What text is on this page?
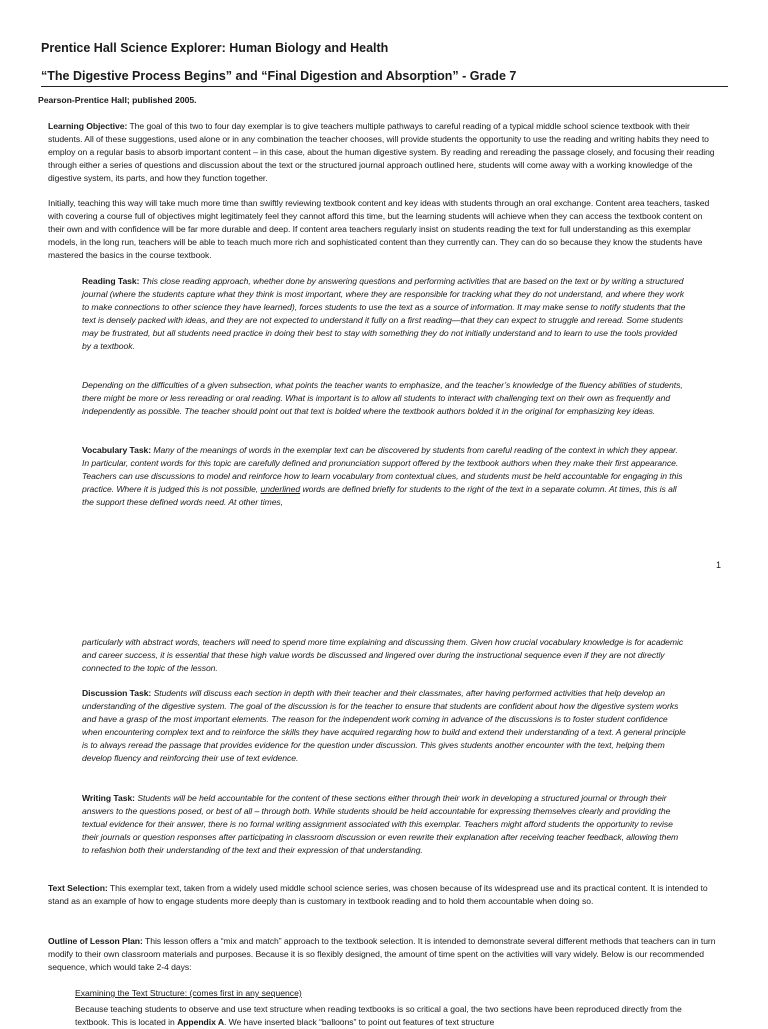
Prentice Hall Science Explorer: Human Biology and Health
“The Digestive Process Begins” and “Final Digestion and Absorption” - Grade 7
Pearson-Prentice Hall; published 2005.

Learning Objective: The goal of this two to four day exemplar is to give teachers multiple pathways to careful reading of a typical middle school science textbook with their students. All of these suggestions, used alone or in any combination the teacher chooses, will provide students the opportunity to use the reading and writing habits they need to employ on a regular basis to absorb important content – in this case, about the human digestive system. By reading and rereading the passage closely, and focusing their reading through either a series of questions and discussion about the text or the structured journal approach outlined here, students will come away with a working knowledge of the digestive system, its parts, and how they function together.

Initially, teaching this way will take much more time than swiftly reviewing textbook content and key ideas with students through an oral exchange. Content area teachers, tasked with covering a course full of objectives might legitimately feel they cannot afford this time, but the learning students will achieve when they can access the textbook content on their own and with confidence will be far more durable and deep. If content area teachers regularly insist on students reading the text for full understanding as this exemplar models, in the long run, teachers will be able to teach much more rich and sophisticated content than they currently can. They can do so because they know the students have mastered the basics in the course textbook.

Reading Task: This close reading approach, whether done by answering questions and performing activities that are based on the text or by writing a structured journal (where the students capture what they think is most important, where they are responsible for tracking what they do not understand, and where they work to make connections to other science they have learned), forces students to use the text as a source of information. It may make sense to notify students that the text is densely packed with ideas, and they are not expected to understand it fully on a first reading—that they can expect to struggle and reread. Some students may be frustrated, but all students need practice in doing their best to stay with something they do not initially understand and to learn to use the tools provided by a textbook.

Depending on the difficulties of a given subsection, what points the teacher wants to emphasize, and the teacher’s knowledge of the fluency abilities of students, there might be more or less rereading or oral reading. What is important is to allow all students to interact with challenging text on their own as frequently and independently as possible. The teacher should point out that text is bolded where the textbook authors bolded it in the original for emphasizing key ideas.

Vocabulary Task: Many of the meanings of words in the exemplar text can be discovered by students from careful reading of the context in which they appear. In particular, content words for this topic are carefully defined and pronunciation support offered by the textbook authors when they make their first appearance. Teachers can use discussions to model and reinforce how to learn vocabulary from contextual clues, and students must be held accountable for engaging in this practice. Where it is judged this is not possible, underlined words are defined briefly for students to the right of the text in a separate column. At times, this is all the support these defined words need. At other times,

1

particularly with abstract words, teachers will need to spend more time explaining and discussing them. Given how crucial vocabulary knowledge is for academic and career success, it is essential that these high value words be discussed and lingered over during the instructional sequence even if they are not directly connected to the topic of the lesson.

Discussion Task: Students will discuss each section in depth with their teacher and their classmates, after having performed activities that help develop an understanding of the digestive system. The goal of the discussion is for the teacher to ensure that students are confident about how the digestive system works and have a grasp of the most important elements. The reason for the independent work coming in advance of the discussions is to foster student confidence when encountering complex text and to reinforce the skills they have acquired regarding how to build and extend their understanding of a text. A general principle is to always reread the passage that provides evidence for the question under discussion. This gives students another encounter with the text, helping them develop fluency and reinforcing their use of text evidence.

Writing Task: Students will be held accountable for the content of these sections either through their work in developing a structured journal or through their answers to the questions posed, or best of all – through both. While students should be held accountable for expressing themselves clearly and providing the textual evidence for their answer, there is no formal writing assignment associated with this exemplar. Teachers might afford students the opportunity to revise their journals or question responses after participating in classroom discussion or even rewrite their explanation after receiving teacher feedback, allowing them to refashion both their understanding of the text and their expression of that understanding.

Text Selection: This exemplar text, taken from a widely used middle school science series, was chosen because of its widespread use and its practical content. It is intended to stand as an example of how to engage students more deeply than is customary in textbook reading and to hold them accountable when doing so.

Outline of Lesson Plan: This lesson offers a “mix and match” approach to the textbook selection. It is intended to demonstrate several different methods that teachers can in turn modify to their own classroom materials and purposes. Because it is so flexibly designed, the amount of time spent on the activities will vary widely. Below is our recommended sequence, which would take 2-4 days:

Examining the Text Structure: (comes first in any sequence)

Because teaching students to observe and use text structure when reading textbooks is so critical a goal, the two sections have been reproduced directly from the textbook. This is located in Appendix A. We have inserted black “balloons” to point out features of text structure
